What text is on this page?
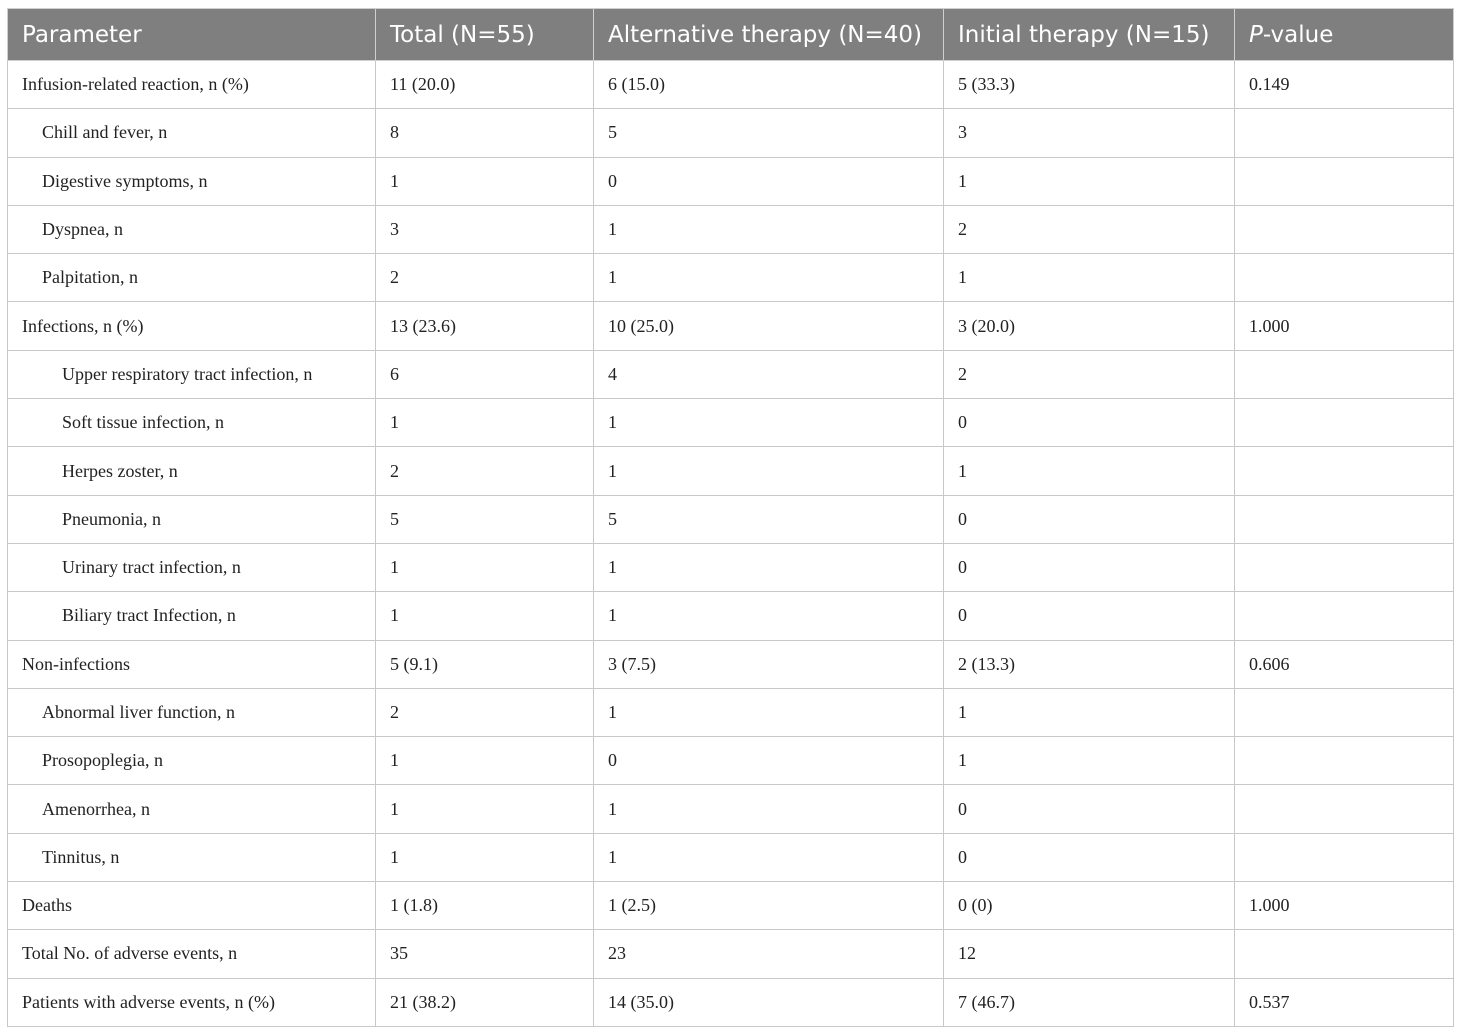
Parameter	Total (N=55)	Alternative therapy (N=40)	Initial therapy (N=15)	P-value
Infusion-related reaction, n (%)	11 (20.0)	6 (15.0)	5 (33.3)	0.149
Chill and fever, n	8	5	3	
Digestive symptoms, n	1	0	1	
Dyspnea, n	3	1	2	
Palpitation, n	2	1	1	
Infections, n (%)	13 (23.6)	10 (25.0)	3 (20.0)	1.000
Upper respiratory tract infection, n	6	4	2	
Soft tissue infection, n	1	1	0	
Herpes zoster, n	2	1	1	
Pneumonia, n	5	5	0	
Urinary tract infection, n	1	1	0	
Biliary tract Infection, n	1	1	0	
Non-infections	5 (9.1)	3 (7.5)	2 (13.3)	0.606
Abnormal liver function, n	2	1	1	
Prosopoplegia, n	1	0	1	
Amenorrhea, n	1	1	0	
Tinnitus, n	1	1	0	
Deaths	1 (1.8)	1 (2.5)	0 (0)	1.000
Total No. of adverse events, n	35	23	12	
Patients with adverse events, n (%)	21 (38.2)	14 (35.0)	7 (46.7)	0.537
